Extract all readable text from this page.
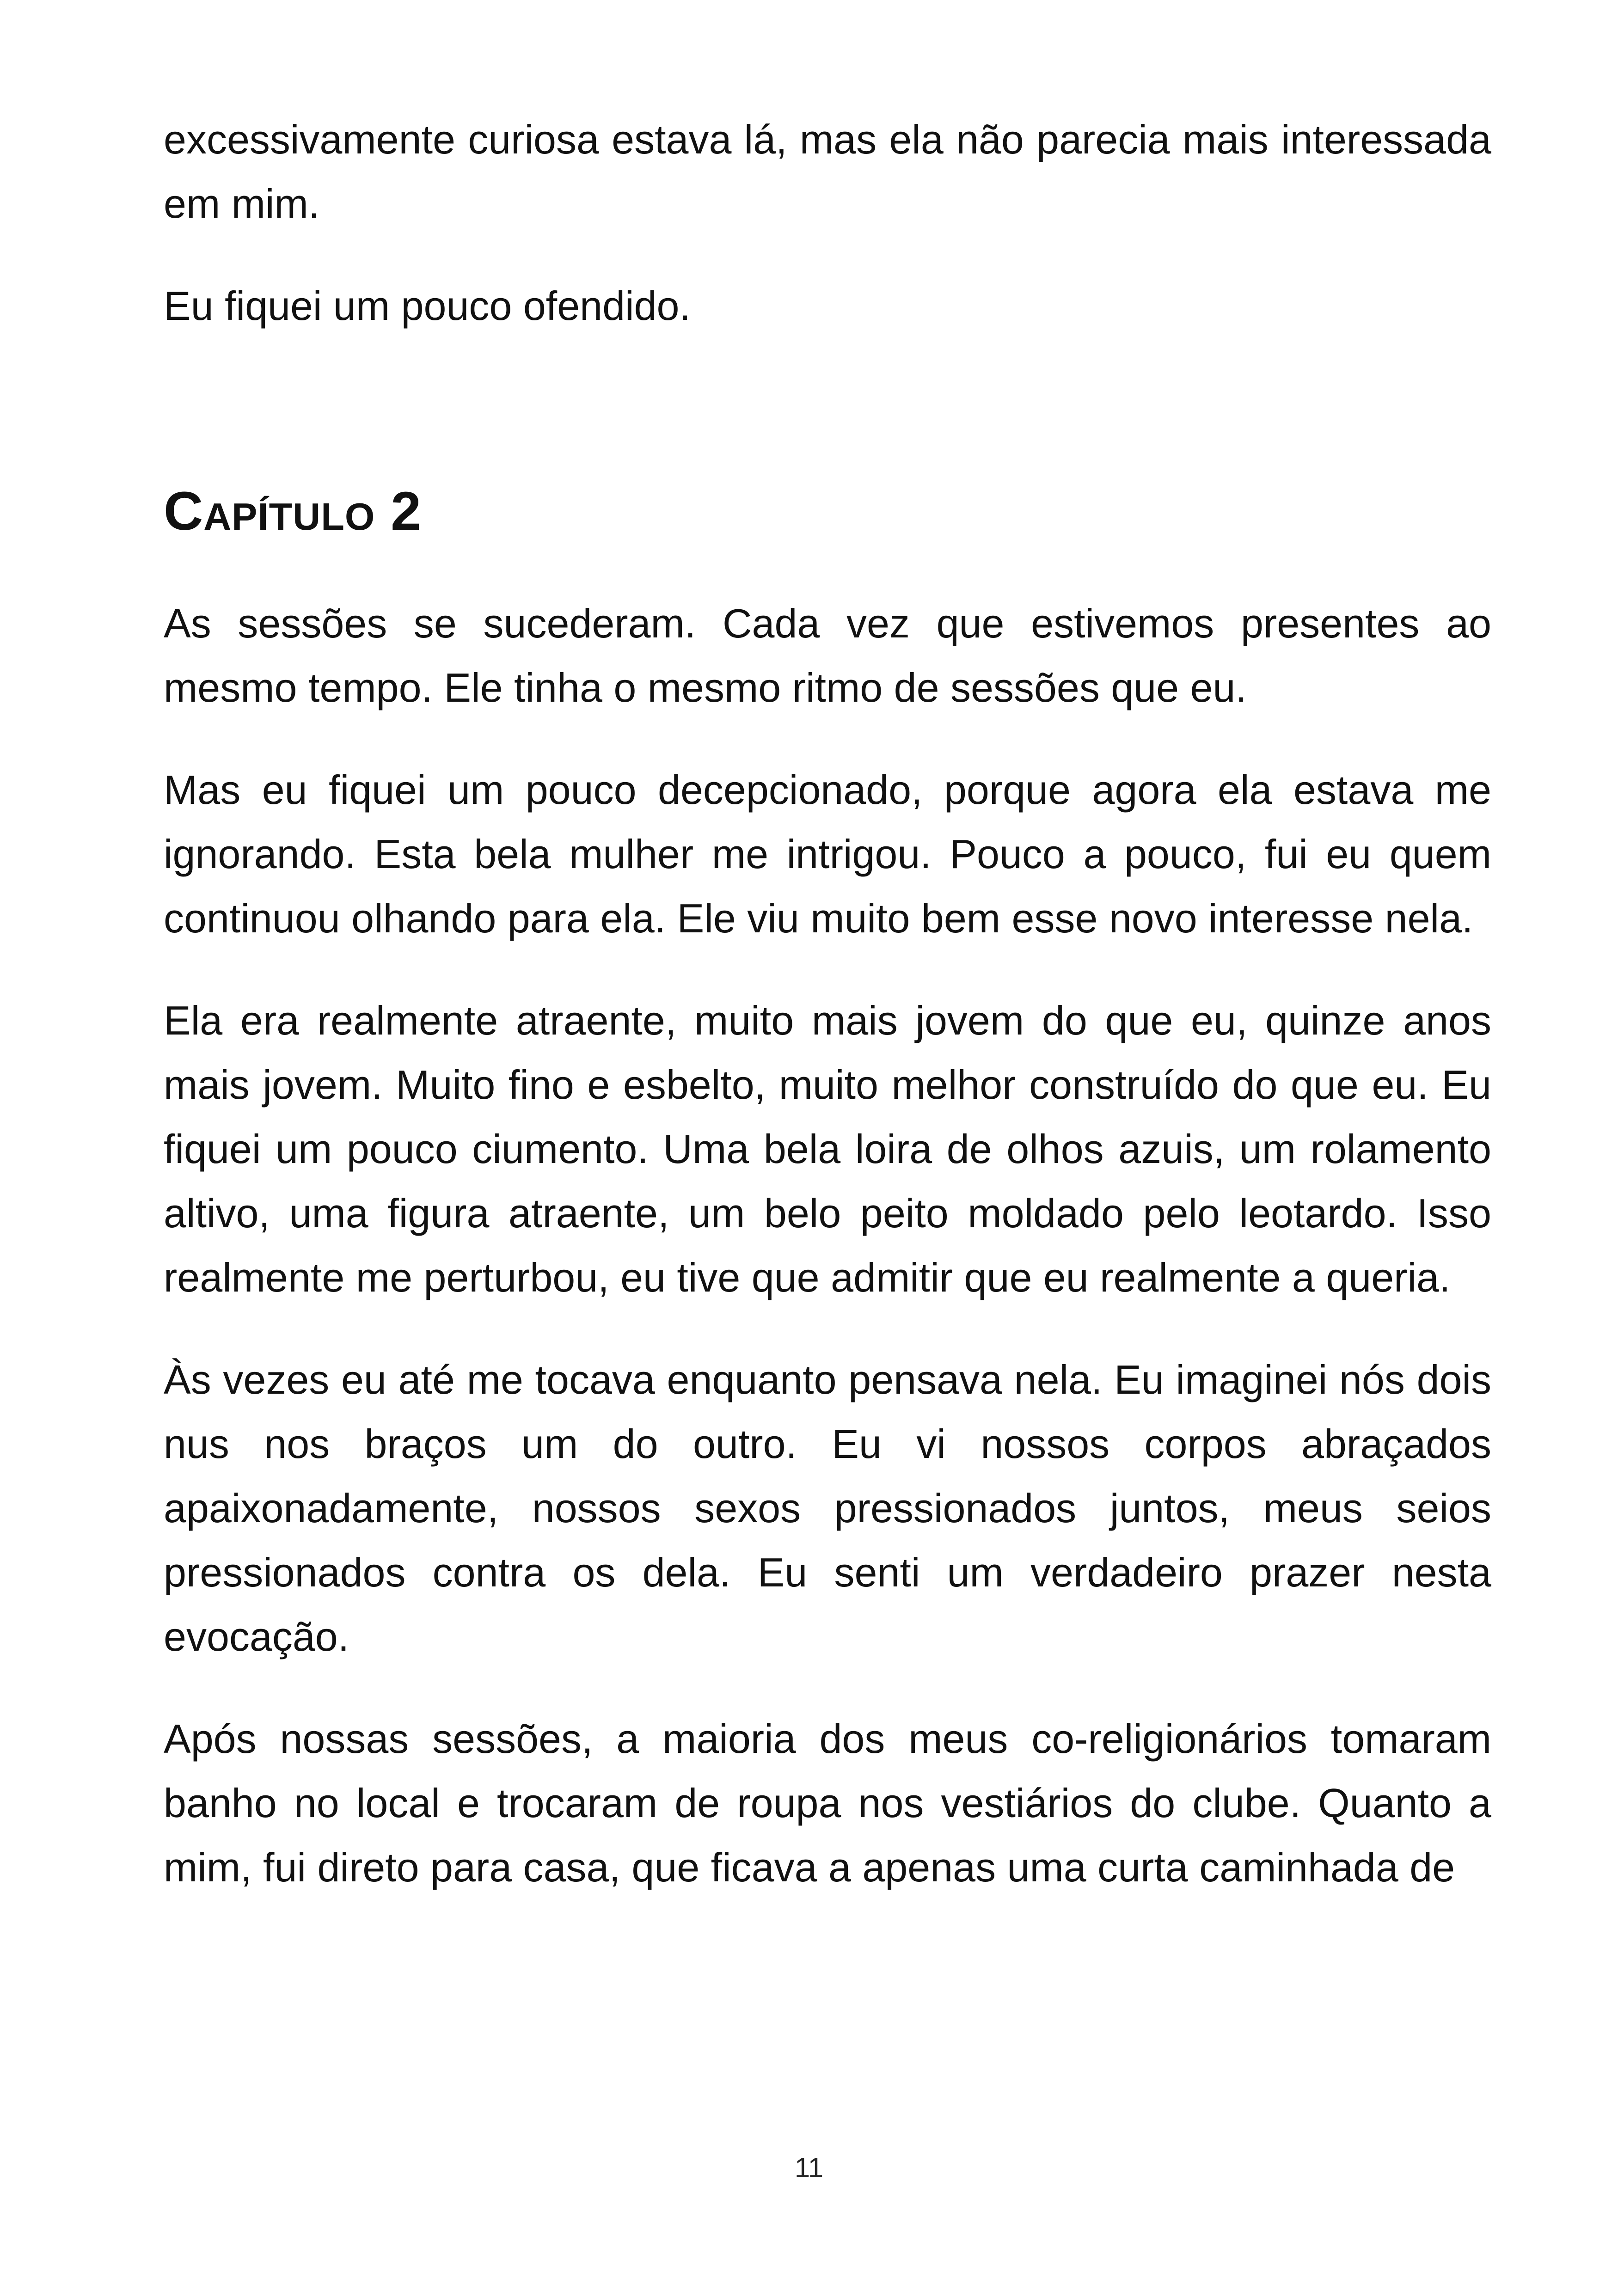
excessivamente curiosa estava lá, mas ela não parecia mais interessada em mim.

Eu fiquei um pouco ofendido.

Capítulo 2

As sessões se sucederam. Cada vez que estivemos presentes ao mesmo tempo. Ele tinha o mesmo ritmo de sessões que eu.

Mas eu fiquei um pouco decepcionado, porque agora ela estava me ignorando. Esta bela mulher me intrigou. Pouco a pouco, fui eu quem continuou olhando para ela. Ele viu muito bem esse novo interesse nela.

Ela era realmente atraente, muito mais jovem do que eu, quinze anos mais jovem. Muito fino e esbelto, muito melhor construído do que eu. Eu fiquei um pouco ciumento. Uma bela loira de olhos azuis, um rolamento altivo, uma figura atraente, um belo peito moldado pelo leotardo. Isso realmente me perturbou, eu tive que admitir que eu realmente a queria.

Às vezes eu até me tocava enquanto pensava nela. Eu imaginei nós dois nus nos braços um do outro. Eu vi nossos corpos abraçados apaixonadamente, nossos sexos pressionados juntos, meus seios pressionados contra os dela. Eu senti um verdadeiro prazer nesta evocação.

Após nossas sessões, a maioria dos meus co-religionários tomaram banho no local e trocaram de roupa nos vestiários do clube. Quanto a mim, fui direto para casa, que ficava a apenas uma curta caminhada de

11
